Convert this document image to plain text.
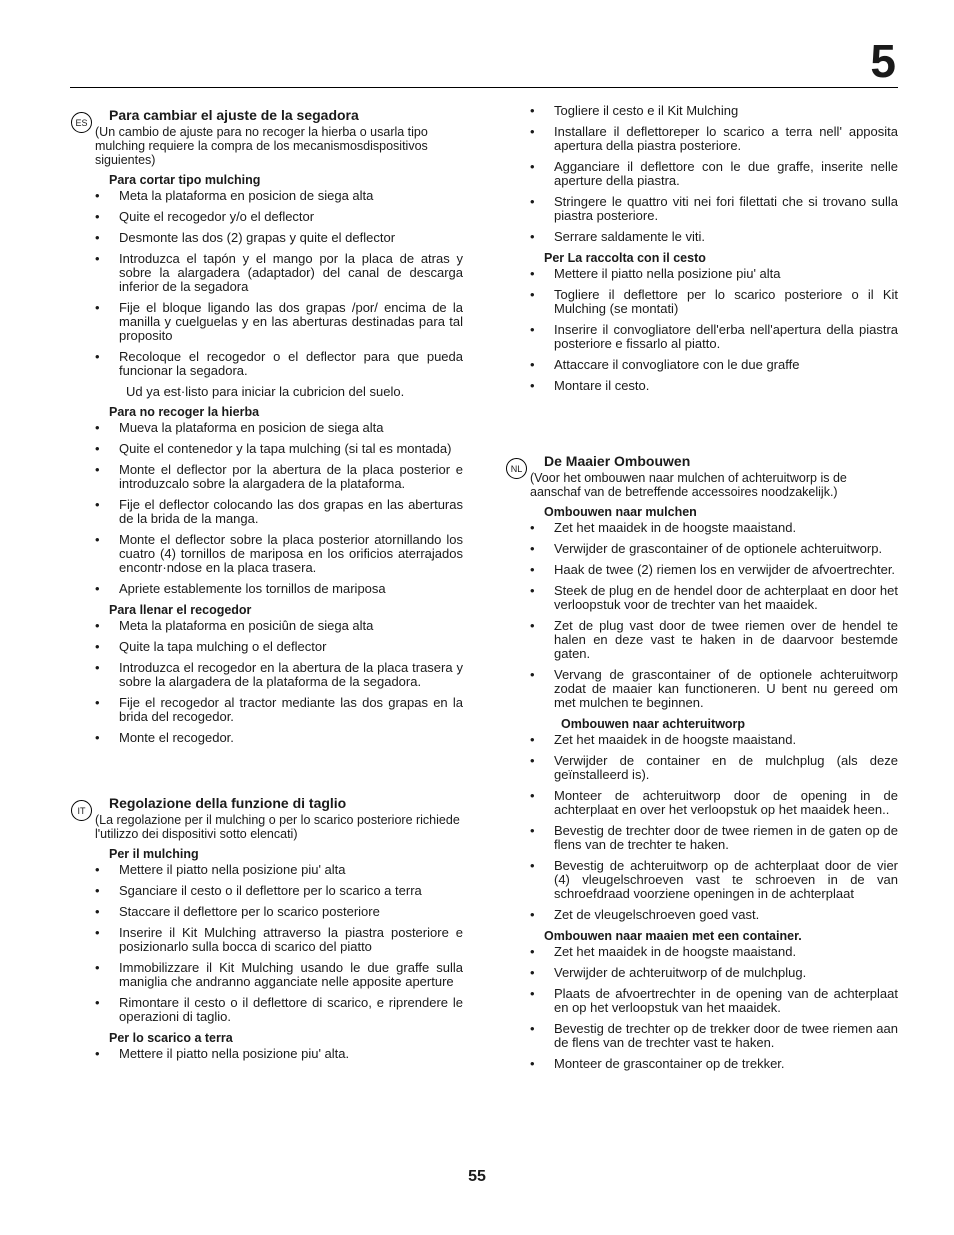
5
ES	Para cambiar el ajuste de la segadora
(Un cambio de ajuste para no recoger la hierba o usarla tipo mulching requiere la compra de los mecanismosdispositivos siguientes)
Para cortar tipo mulching
• Meta la plataforma en posicion de siega alta
• Quite el recogedor y/o el deflector
• Desmonte las dos (2) grapas y quite el deflector
• Introduzca el tapón y el mango por la placa de atras y sobre la alargadera (adaptador) del canal de descarga inferior de la segadora
• Fije el bloque ligando las dos grapas /por/ encima de la manilla y cuelguelas y en las aberturas destinadas para tal proposito
• Recoloque el recogedor o el deflector para que pueda funcionar la segadora.
Ud ya est·listo para iniciar la cubricion del suelo.
Para no recoger la hierba
• Mueva la plataforma en posicion de siega alta
• Quite el contenedor y la tapa mulching (si tal es montada)
• Monte el deflector por la abertura de la placa posterior e introduzcalo sobre la alargadera de la plataforma.
• Fije el deflector colocando las dos grapas en las aberturas de la brida de la manga.
• Monte el deflector sobre la placa posterior atornillando los cuatro (4) tornillos de mariposa en los orificios aterrajados encontr·ndose en la placa trasera.
• Apriete establemente los tornillos de mariposa
Para llenar el recogedor
• Meta la plataforma en posiciûn de siega alta
• Quite la tapa mulching o el deflector
• Introduzca el recogedor en la abertura de la placa trasera y sobre la alargadera de la plataforma de la segadora.
• Fije el recogedor al tractor mediante las dos grapas en la brida del recogedor.
• Monte el recogedor.
IT	Regolazione della funzione di taglio
(La regolazione per il mulching o per lo scarico posteriore richiede l'utilizzo dei dispositivi sotto elencati)
Per il mulching
• Mettere il piatto nella posizione piu' alta
• Sganciare il cesto o il deflettore per lo scarico a terra
• Staccare il deflettore per lo scarico posteriore
• Inserire il Kit Mulching attraverso la piastra posteriore e posizionarlo sulla bocca di scarico del piatto
• Immobilizzare il Kit Mulching usando le due graffe sulla maniglia che andranno agganciate nelle apposite aperture
• Rimontare il cesto o il deflettore di scarico, e riprendere le operazioni di taglio.
Per lo scarico a terra
• Mettere il piatto nella posizione piu' alta.
• Togliere il cesto e il Kit Mulching
• Installare il deflettoreper lo scarico a terra nell' apposita apertura della piastra posteriore.
• Agganciare il deflettore con le due graffe, inserite nelle aperture della piastra.
• Stringere le quattro viti nei fori filettati che si trovano sulla piastra posteriore.
• Serrare saldamente le viti.
Per La raccolta con il cesto
• Mettere il piatto nella posizione piu' alta
• Togliere il deflettore per lo scarico posteriore o il Kit Mulching (se montati)
• Inserire il convogliatore dell'erba nell'apertura della piastra posteriore e fissarlo al piatto.
• Attaccare il convogliatore con le due graffe
• Montare il cesto.
NL	De Maaier Ombouwen
(Voor het ombouwen naar mulchen of achteruitworp is de aanschaf van de betreffende accessoires noodzakelijk.)
Ombouwen naar mulchen
• Zet het maaidek in de hoogste maaistand.
• Verwijder de grascontainer of de optionele achteruitworp.
• Haak de twee (2) riemen los en verwijder de afvoertrechter.
• Steek de plug en de hendel door de achterplaat en door het verloopstuk voor de trechter van het maaidek.
• Zet de plug vast door de twee riemen over de hendel te halen en deze vast te haken in de daarvoor bestemde gaten.
• Vervang de grascontainer of de optionele achteruitworp zodat de maaier kan functioneren. U bent nu gereed om met mulchen te beginnen.
Ombouwen naar achteruitworp
• Zet het maaidek in de hoogste maaistand.
• Verwijder de container en de mulchplug (als deze geïnstalleerd is).
• Monteer de achteruitworp door de opening in de achterplaat en over het verloopstuk op het maaidek heen..
• Bevestig de trechter door de twee riemen in de gaten op de flens van de trechter te haken.
• Bevestig de achteruitworp op de achterplaat door de vier (4) vleugelschroeven vast te schroeven in de van schroefdraad voorziene openingen in de achterplaat
• Zet de vleugelschroeven goed vast.
Ombouwen naar maaien met een container.
• Zet het maaidek in de hoogste maaistand.
• Verwijder de achteruitworp of de mulchplug.
• Plaats de afvoertrechter in de opening van de achterplaat en op het verloopstuk van het maaidek.
• Bevestig de trechter op de trekker door de twee riemen aan de flens van de trechter vast te haken.
• Monteer de grascontainer op de trekker.
55
